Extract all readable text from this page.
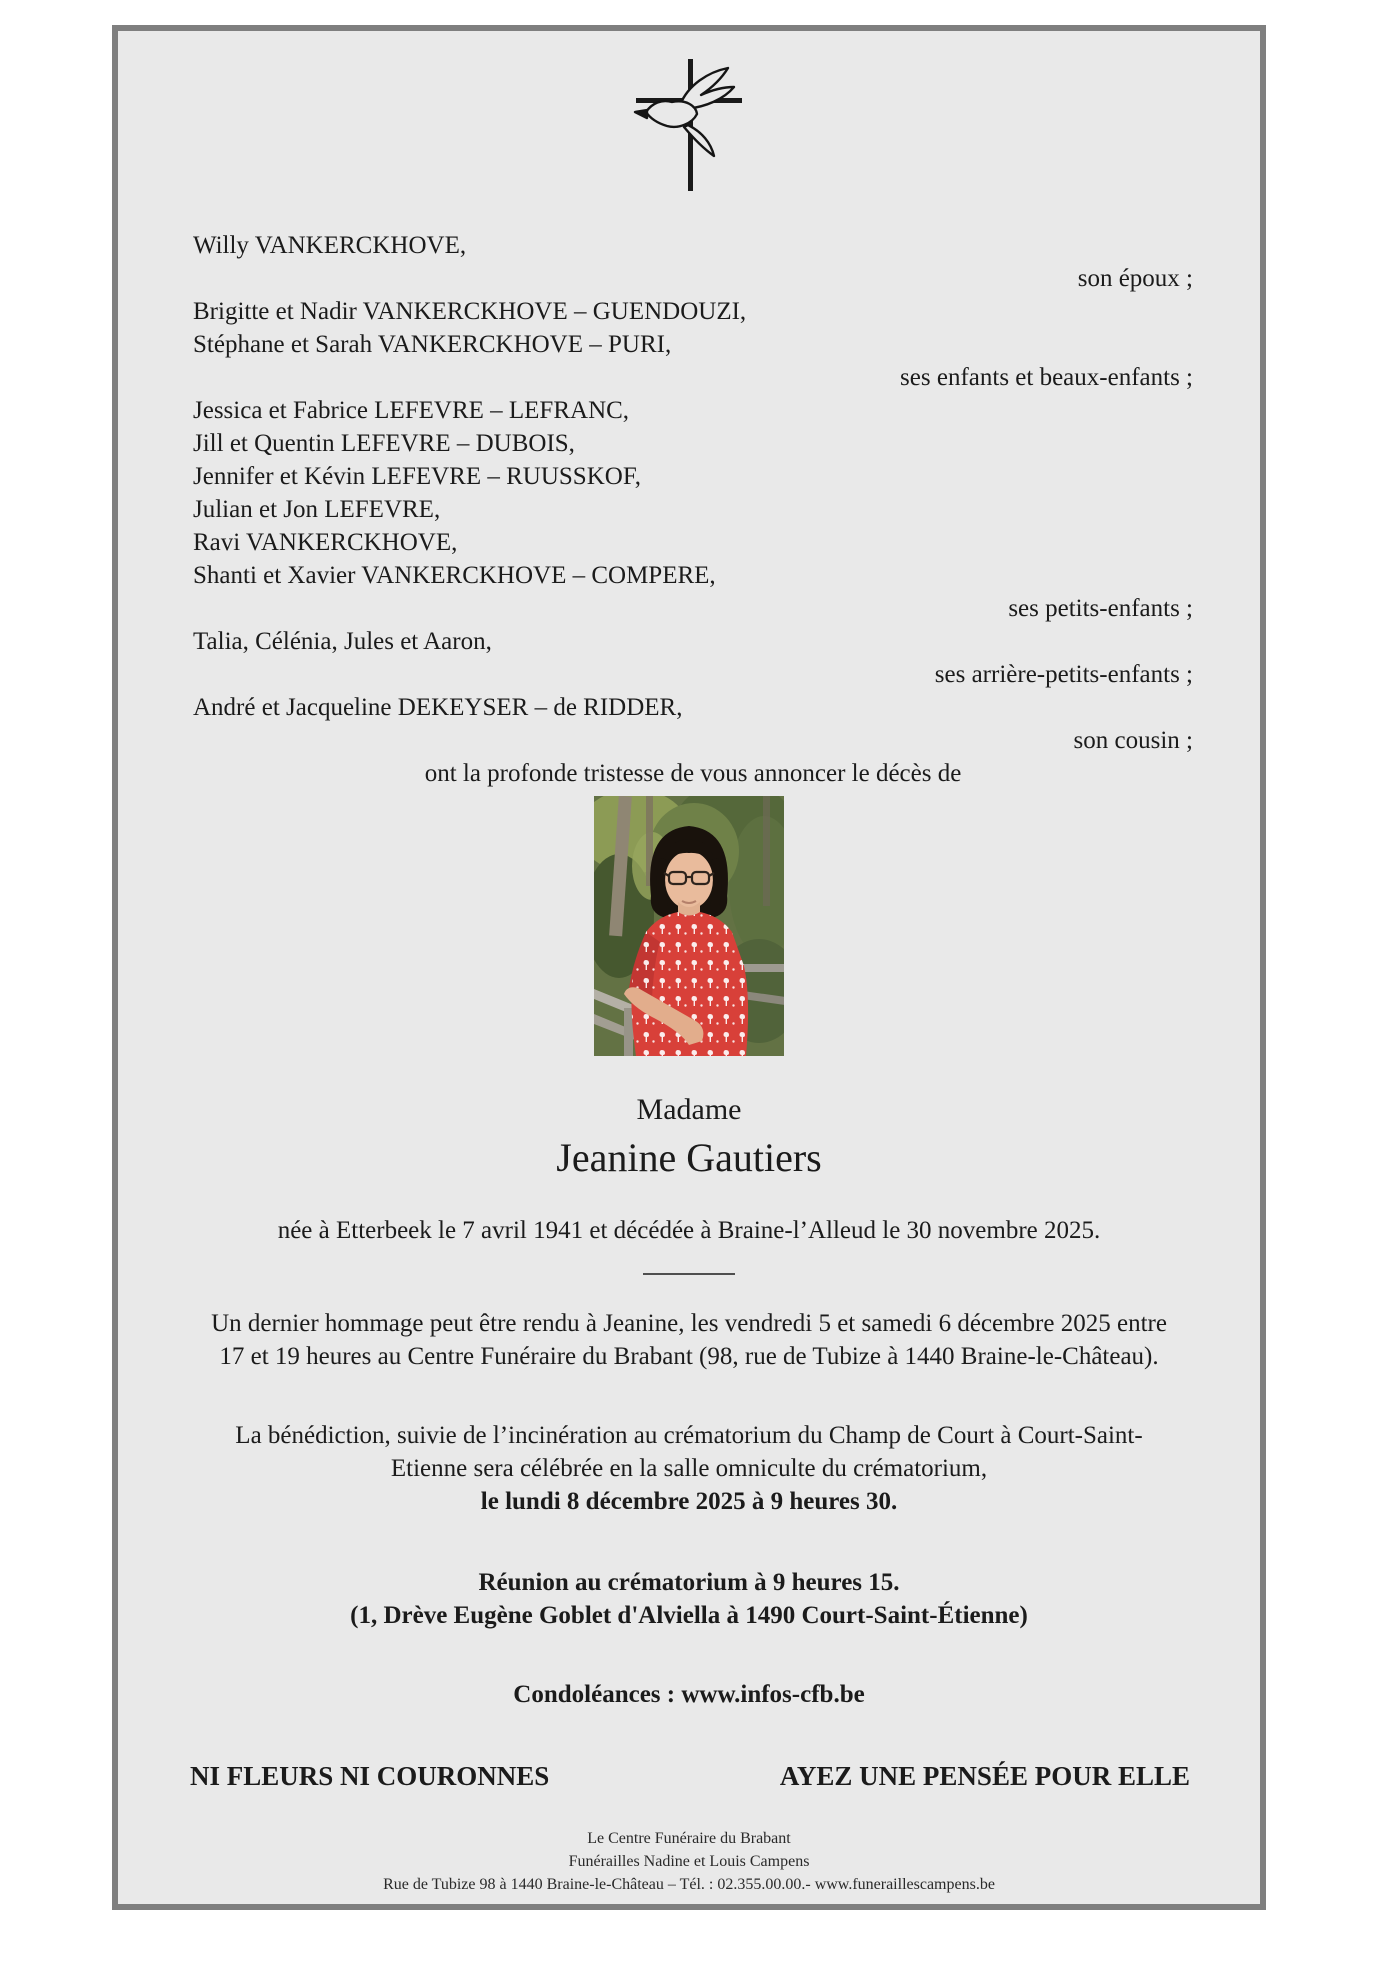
Willy VANKERCKHOVE,
son époux ;
Brigitte et Nadir VANKERCKHOVE – GUENDOUZI,
Stéphane et Sarah VANKERCKHOVE – PURI,
ses enfants et beaux-enfants ;
Jessica et Fabrice LEFEVRE – LEFRANC,
Jill et Quentin LEFEVRE – DUBOIS,
Jennifer et Kévin LEFEVRE – RUUSSKOF,
Julian et Jon LEFEVRE,
Ravi VANKERCKHOVE,
Shanti et Xavier VANKERCKHOVE – COMPERE,
ses petits-enfants ;
Talia, Célénia, Jules et Aaron,
ses arrière-petits-enfants ;
André et Jacqueline DEKEYSER – de RIDDER,
son cousin ;
ont la profonde tristesse de vous annoncer le décès de
Madame
Jeanine Gautiers
née à Etterbeek le 7 avril 1941 et décédée à Braine-l’Alleud le 30 novembre 2025.
Un dernier hommage peut être rendu à Jeanine, les vendredi 5 et samedi 6 décembre 2025 entre
17 et 19 heures au Centre Funéraire du Brabant (98, rue de Tubize à 1440 Braine-le-Château).
La bénédiction, suivie de l’incinération au crématorium du Champ de Court à Court-Saint-
Etienne sera célébrée en la salle omniculte du crématorium,
le lundi 8 décembre 2025 à 9 heures 30.
Réunion au crématorium à 9 heures 15.
(1, Drève Eugène Goblet d'Alviella à 1490 Court-Saint-Étienne)
Condoléances : www.infos-cfb.be
NI FLEURS NI COURONNES	AYEZ UNE PENSÉE POUR ELLE
Le Centre Funéraire du Brabant
Funérailles Nadine et Louis Campens
Rue de Tubize 98 à 1440 Braine-le-Château – Tél. : 02.355.00.00.- www.funeraillescampens.be
